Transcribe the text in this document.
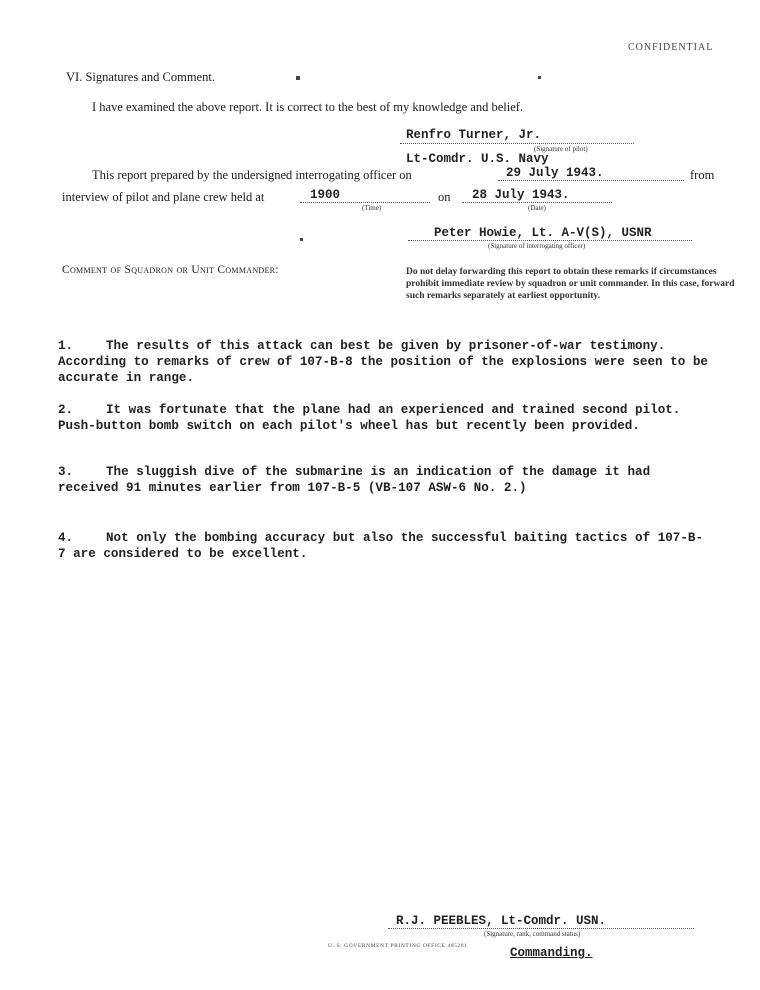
CONFIDENTIAL
VI. Signatures and Comment.
I have examined the above report. It is correct to the best of my knowledge and belief.
Renfro Turner, Jr.
(Signature of pilot)
Lt-Comdr. U.S. Navy
This report prepared by the undersigned interrogating officer on	29 July 1943.	from
interview of pilot and plane crew held at	1900
(Time)
on 28 July 1943.
(Date)
Peter Howie, Lt. A-V(S), USNR
(Signature of interrogating officer)
Comment of Squadron or Unit Commander:	Do not delay forwarding this report to obtain these remarks if circumstances prohibit immediate review by squadron or unit commander. In this case, forward such remarks separately at earliest opportunity.
1.	The results of this attack can best be given by prisoner-of-war testimony. According to remarks of crew of 107-B-8 the position of the explosions were seen to be accurate in range.
2.	It was fortunate that the plane had an experienced and trained second pilot. Push-button bomb switch on each pilot's wheel has but recently been provided.
3.	The sluggish dive of the submarine is an indication of the damage it had received 91 minutes earlier from 107-B-5 (VB-107 ASW-6 No. 2.)
4.	Not only the bombing accuracy but also the successful baiting tactics of 107-B-7 are considered to be excellent.
R.J. PEEBLES, Lt-Comdr. USN.
(Signature, rank, command status)
Commanding.
U. S. GOVERNMENT PRINTING OFFICE 485281
